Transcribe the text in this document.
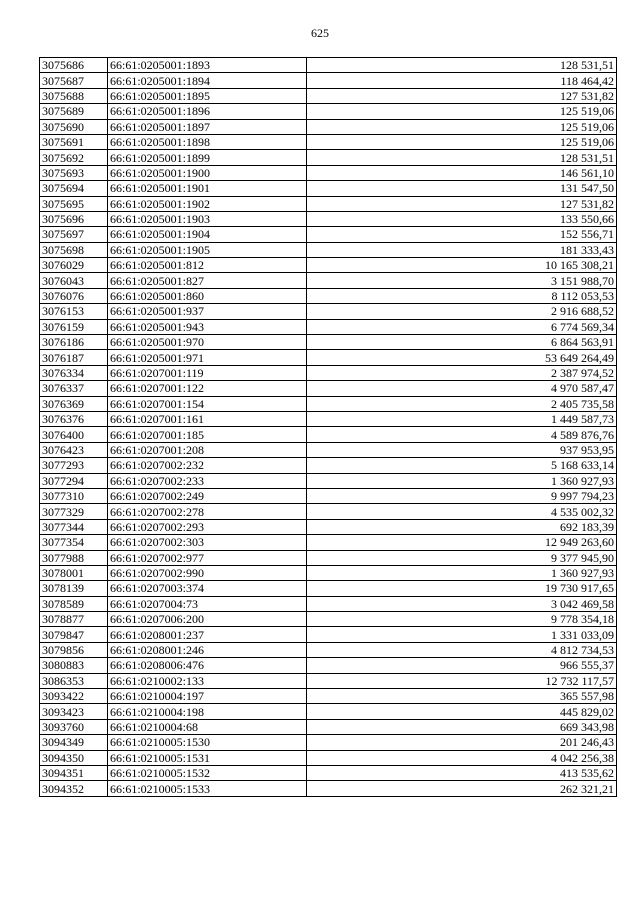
625
3075686	66:61:0205001:1893	128 531,51
3075687	66:61:0205001:1894	118 464,42
3075688	66:61:0205001:1895	127 531,82
3075689	66:61:0205001:1896	125 519,06
3075690	66:61:0205001:1897	125 519,06
3075691	66:61:0205001:1898	125 519,06
3075692	66:61:0205001:1899	128 531,51
3075693	66:61:0205001:1900	146 561,10
3075694	66:61:0205001:1901	131 547,50
3075695	66:61:0205001:1902	127 531,82
3075696	66:61:0205001:1903	133 550,66
3075697	66:61:0205001:1904	152 556,71
3075698	66:61:0205001:1905	181 333,43
3076029	66:61:0205001:812	10 165 308,21
3076043	66:61:0205001:827	3 151 988,70
3076076	66:61:0205001:860	8 112 053,53
3076153	66:61:0205001:937	2 916 688,52
3076159	66:61:0205001:943	6 774 569,34
3076186	66:61:0205001:970	6 864 563,91
3076187	66:61:0205001:971	53 649 264,49
3076334	66:61:0207001:119	2 387 974,52
3076337	66:61:0207001:122	4 970 587,47
3076369	66:61:0207001:154	2 405 735,58
3076376	66:61:0207001:161	1 449 587,73
3076400	66:61:0207001:185	4 589 876,76
3076423	66:61:0207001:208	937 953,95
3077293	66:61:0207002:232	5 168 633,14
3077294	66:61:0207002:233	1 360 927,93
3077310	66:61:0207002:249	9 997 794,23
3077329	66:61:0207002:278	4 535 002,32
3077344	66:61:0207002:293	692 183,39
3077354	66:61:0207002:303	12 949 263,60
3077988	66:61:0207002:977	9 377 945,90
3078001	66:61:0207002:990	1 360 927,93
3078139	66:61:0207003:374	19 730 917,65
3078589	66:61:0207004:73	3 042 469,58
3078877	66:61:0207006:200	9 778 354,18
3079847	66:61:0208001:237	1 331 033,09
3079856	66:61:0208001:246	4 812 734,53
3080883	66:61:0208006:476	966 555,37
3086353	66:61:0210002:133	12 732 117,57
3093422	66:61:0210004:197	365 557,98
3093423	66:61:0210004:198	445 829,02
3093760	66:61:0210004:68	669 343,98
3094349	66:61:0210005:1530	201 246,43
3094350	66:61:0210005:1531	4 042 256,38
3094351	66:61:0210005:1532	413 535,62
3094352	66:61:0210005:1533	262 321,21
